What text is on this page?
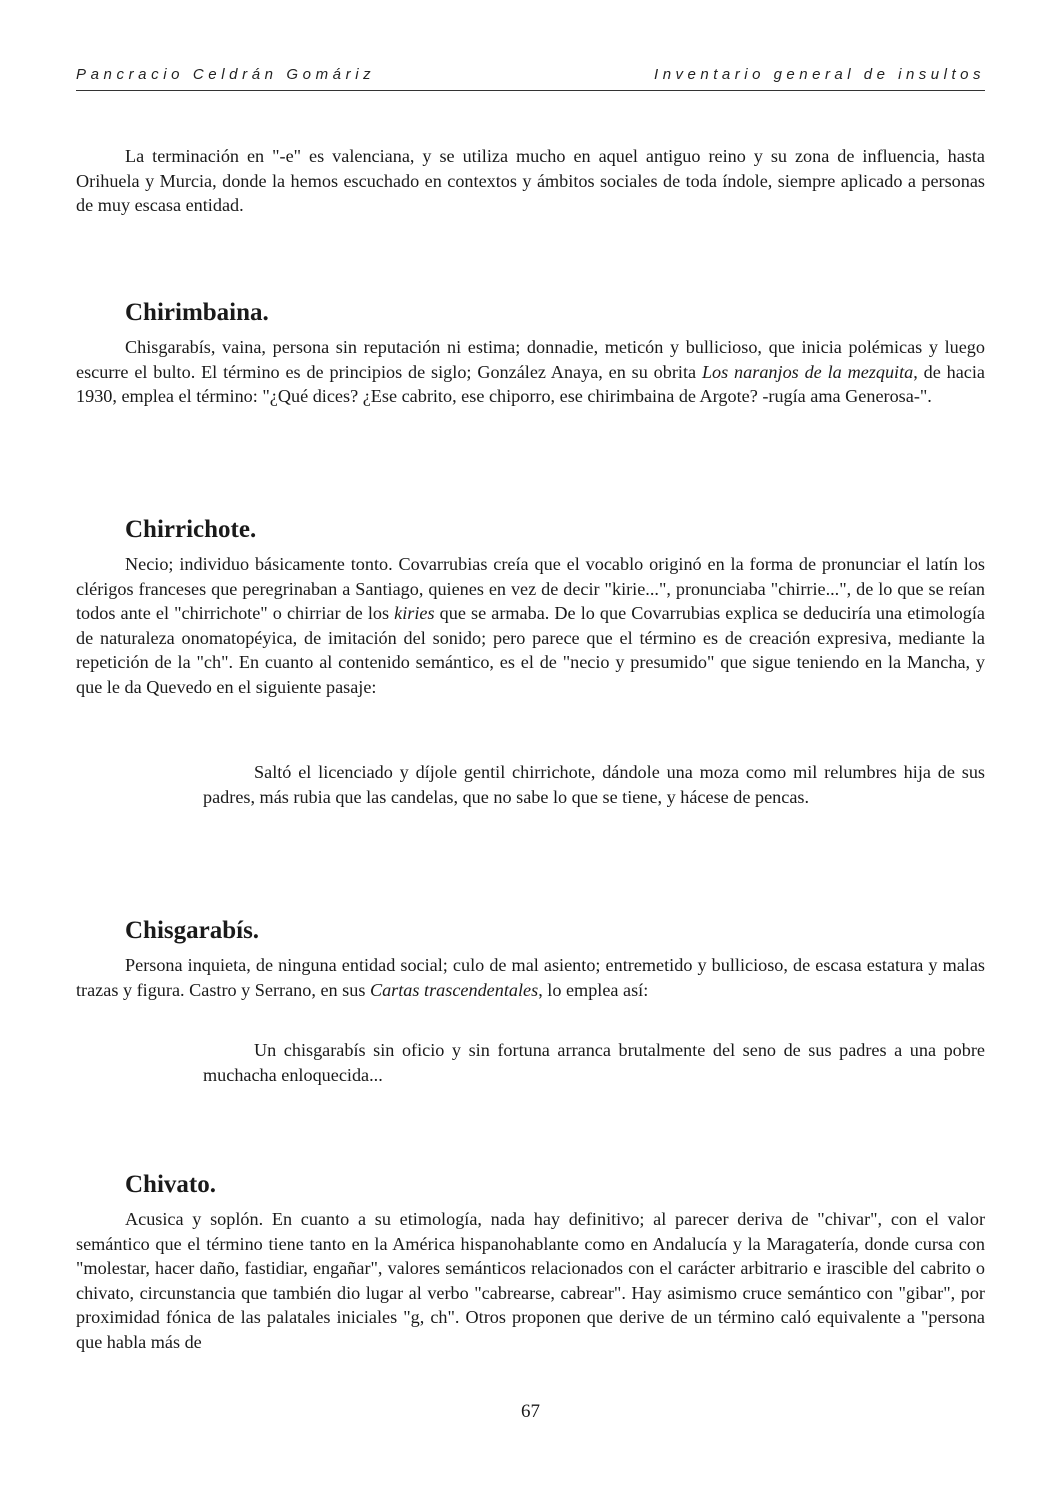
Pancracio Celdrán Gomáriz	Inventario general de insultos

La terminación en "-e" es valenciana, y se utiliza mucho en aquel antiguo reino y su zona de influencia, hasta Orihuela y Murcia, donde la hemos escuchado en contextos y ámbitos sociales de toda índole, siempre aplicado a personas de muy escasa entidad.

Chirimbaina.

Chisgarabís, vaina, persona sin reputación ni estima; donnadie, meticón y bullicioso, que inicia polémicas y luego escurre el bulto. El término es de principios de siglo; González Anaya, en su obrita Los naranjos de la mezquita, de hacia 1930, emplea el término: "¿Qué dices? ¿Ese cabrito, ese chiporro, ese chirimbaina de Argote? -rugía ama Generosa-".

Chirrichote.

Necio; individuo básicamente tonto. Covarrubias creía que el vocablo originó en la forma de pronunciar el latín los clérigos franceses que peregrinaban a Santiago, quienes en vez de decir "kirie...", pronunciaba "chirrie...", de lo que se reían todos ante el "chirrichote" o chirriar de los kiries que se armaba. De lo que Covarrubias explica se deduciría una etimología de naturaleza onomatopéyica, de imitación del sonido; pero parece que el término es de creación expresiva, mediante la repetición de la "ch". En cuanto al contenido semántico, es el de "necio y presumido" que sigue teniendo en la Mancha, y que le da Quevedo en el siguiente pasaje:

Saltó el licenciado y díjole gentil chirrichote, dándole una moza como mil relumbres hija de sus padres, más rubia que las candelas, que no sabe lo que se tiene, y hácese de pencas.

Chisgarabís.

Persona inquieta, de ninguna entidad social; culo de mal asiento; entremetido y bullicioso, de escasa estatura y malas trazas y figura. Castro y Serrano, en sus Cartas trascendentales, lo emplea así:

Un chisgarabís sin oficio y sin fortuna arranca brutalmente del seno de sus padres a una pobre muchacha enloquecida...

Chivato.

Acusica y soplón. En cuanto a su etimología, nada hay definitivo; al parecer deriva de "chivar", con el valor semántico que el término tiene tanto en la América hispanohablante como en Andalucía y la Maragatería, donde cursa con "molestar, hacer daño, fastidiar, engañar", valores semánticos relacionados con el carácter arbitrario e irascible del cabrito o chivato, circunstancia que también dio lugar al verbo "cabrearse, cabrear". Hay asimismo cruce semántico con "gibar", por proximidad fónica de las palatales iniciales "g, ch". Otros proponen que derive de un término caló equivalente a "persona que habla más de

67
